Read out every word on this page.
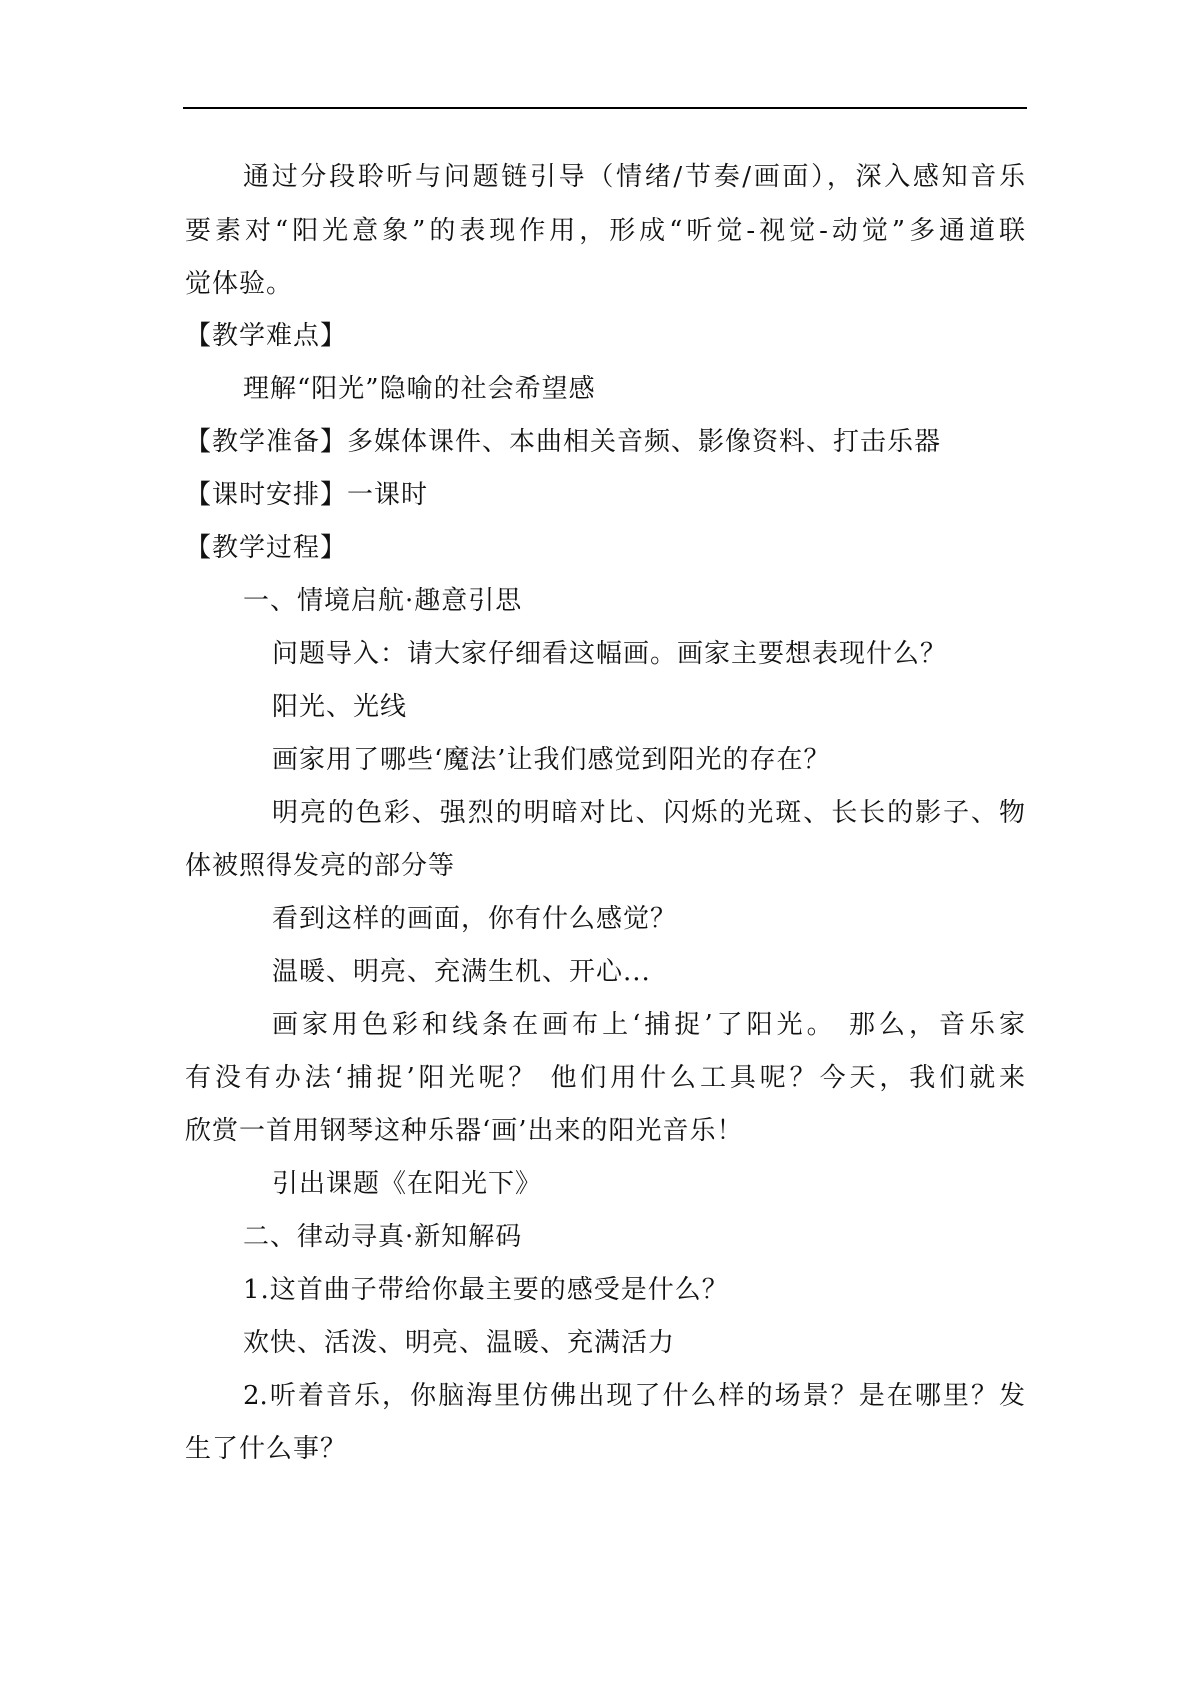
通过分段聆听与问题链引导（情绪/节奏/画面），深入感知音乐
要素对“阳光意象”的表现作用，形成“听觉-视觉-动觉”多通道联
觉体验。
【教学难点】
理解“阳光”隐喻的社会希望感
【教学准备】多媒体课件、本曲相关音频、影像资料、打击乐器
【课时安排】一课时
【教学过程】
一、情境启航·趣意引思
问题导入：请大家仔细看这幅画。画家主要想表现什么？
阳光、光线
画家用了哪些‘魔法’让我们感觉到阳光的存在？
明亮的色彩、强烈的明暗对比、闪烁的光斑、长长的影子、物
体被照得发亮的部分等
看到这样的画面，你有什么感觉？
温暖、明亮、充满生机、开心...
画家用色彩和线条在画布上‘捕捉’了阳光。 那么，音乐家
有没有办法‘捕捉’阳光呢？ 他们用什么工具呢？今天，我们就来
欣赏一首用钢琴这种乐器‘画’出来的阳光音乐！
引出课题《在阳光下》
二、律动寻真·新知解码
1.这首曲子带给你最主要的感受是什么？
欢快、活泼、明亮、温暖、充满活力
2.听着音乐，你脑海里仿佛出现了什么样的场景？是在哪里？发
生了什么事？
